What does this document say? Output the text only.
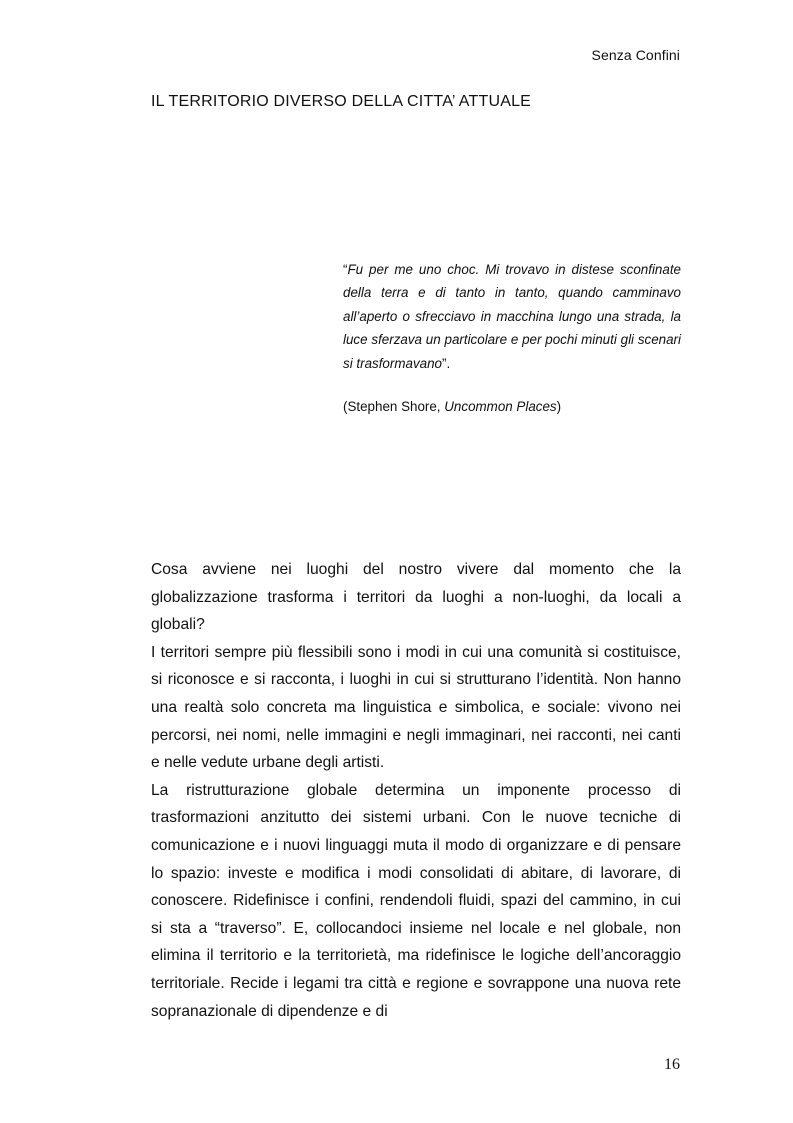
Senza Confini
IL TERRITORIO DIVERSO DELLA CITTA’ ATTUALE

“Fu per me uno choc. Mi trovavo in distese sconfinate della terra e di tanto in tanto, quando camminavo all’aperto o sfrecciavo in macchina lungo una strada, la luce sferzava un particolare e per pochi minuti gli scenari si trasformavano”.

(Stephen Shore, Uncommon Places)

Cosa avviene nei luoghi del nostro vivere dal momento che la globalizzazione trasforma i territori da luoghi a non-luoghi, da locali a globali?

I territori sempre più flessibili sono i modi in cui una comunità si costituisce, si riconosce e si racconta, i luoghi in cui si strutturano l’identità. Non hanno una realtà solo concreta ma linguistica e simbolica, e sociale: vivono nei percorsi, nei nomi, nelle immagini e negli immaginari, nei racconti, nei canti e nelle vedute urbane degli artisti.

La ristrutturazione globale determina un imponente processo di trasformazioni anzitutto dei sistemi urbani. Con le nuove tecniche di comunicazione e i nuovi linguaggi muta il modo di organizzare e di pensare lo spazio: investe e modifica i modi consolidati di abitare, di lavorare, di conoscere. Ridefinisce i confini, rendendoli fluidi, spazi del cammino, in cui si sta a “traverso”. E, collocandoci insieme nel locale e nel globale, non elimina il territorio e la territorietà, ma ridefinisce le logiche dell’ancoraggio territoriale. Recide i legami tra città e regione e sovrappone una nuova rete sopranazionale di dipendenze e di

16
